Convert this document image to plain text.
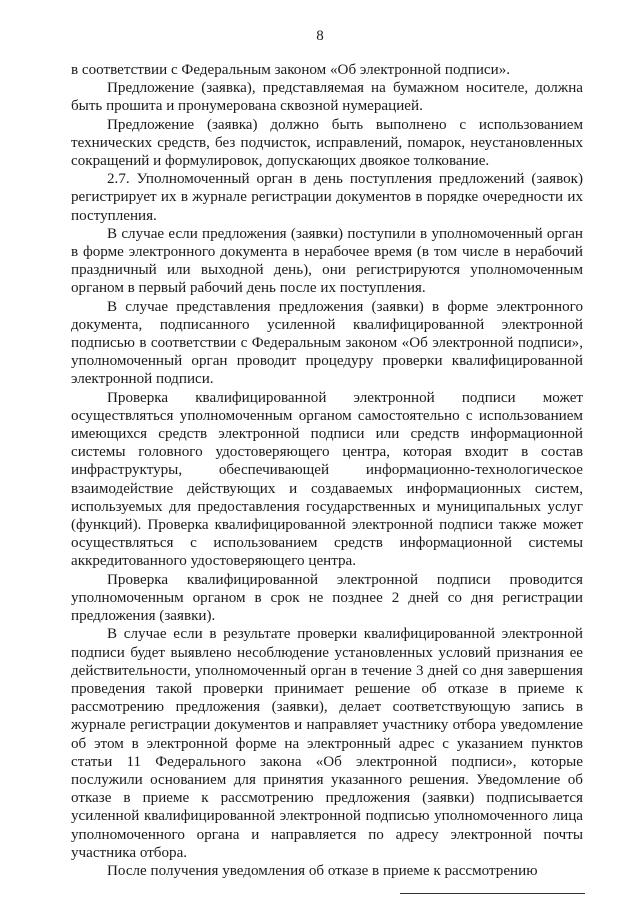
8

в соответствии с Федеральным законом «Об электронной подписи».

Предложение (заявка), представляемая на бумажном носителе, должна быть прошита и пронумерована сквозной нумерацией.

Предложение (заявка) должно быть выполнено с использованием технических средств, без подчисток, исправлений, помарок, неустановленных сокращений и формулировок, допускающих двоякое толкование.

2.7. Уполномоченный орган в день поступления предложений (заявок) регистрирует их в журнале регистрации документов в порядке очередности их поступления.

В случае если предложения (заявки) поступили в уполномоченный орган в форме электронного документа в нерабочее время (в том числе в нерабочий праздничный или выходной день), они регистрируются уполномоченным органом в первый рабочий день после их поступления.

В случае представления предложения (заявки) в форме электронного документа, подписанного усиленной квалифицированной электронной подписью в соответствии с Федеральным законом «Об электронной подписи», уполномоченный орган проводит процедуру проверки квалифицированной электронной подписи.

Проверка квалифицированной электронной подписи может осуществляться уполномоченным органом самостоятельно с использованием имеющихся средств электронной подписи или средств информационной системы головного удостоверяющего центра, которая входит в состав инфраструктуры, обеспечивающей информационно-технологическое взаимодействие действующих и создаваемых информационных систем, используемых для предоставления государственных и муниципальных услуг (функций). Проверка квалифицированной электронной подписи также может осуществляться с использованием средств информационной системы аккредитованного удостоверяющего центра.

Проверка квалифицированной электронной подписи проводится уполномоченным органом в срок не позднее 2 дней со дня регистрации предложения (заявки).

В случае если в результате проверки квалифицированной электронной подписи будет выявлено несоблюдение установленных условий признания ее действительности, уполномоченный орган в течение 3 дней со дня завершения проведения такой проверки принимает решение об отказе в приеме к рассмотрению предложения (заявки), делает соответствующую запись в журнале регистрации документов и направляет участнику отбора уведомление об этом в электронной форме на электронный адрес с указанием пунктов статьи 11 Федерального закона «Об электронной подписи», которые послужили основанием для принятия указанного решения. Уведомление об отказе в приеме к рассмотрению предложения (заявки) подписывается усиленной квалифицированной электронной подписью уполномоченного лица уполномоченного органа и направляется по адресу электронной почты участника отбора.

После получения уведомления об отказе в приеме к рассмотрению
